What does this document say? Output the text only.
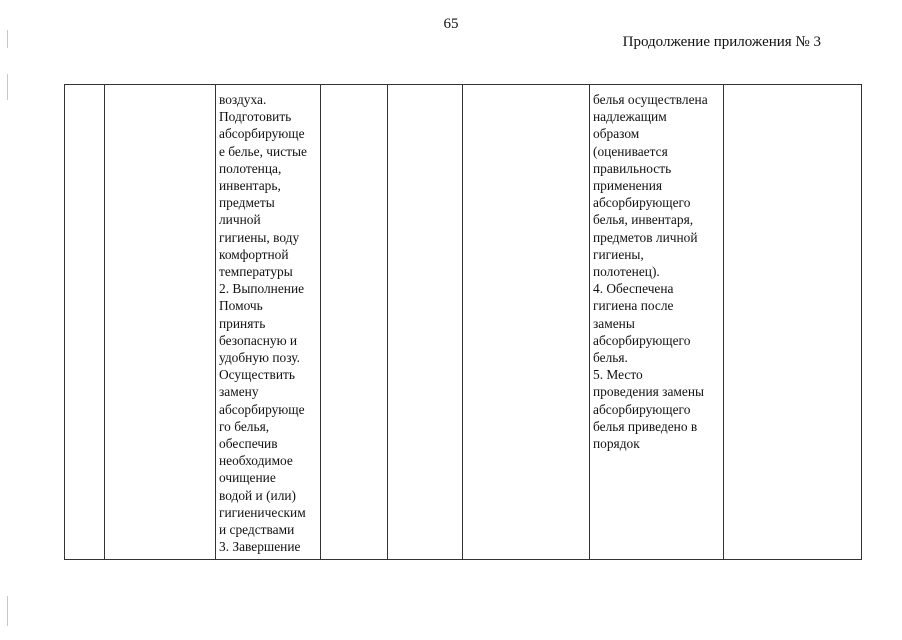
65
Продолжение приложения № 3
воздуха.
Подготовить
абсорбирующе
е белье, чистые
полотенца,
инвентарь,
предметы
личной
гигиены, воду
комфортной
температуры
2. Выполнение
Помочь
принять
безопасную и
удобную позу.
Осуществить
замену
абсорбирующе
го белья,
обеспечив
необходимое
очищение
водой и (или)
гигиеническим
и средствами
3. Завершение
белья осуществлена
надлежащим
образом
(оценивается
правильность
применения
абсорбирующего
белья, инвентаря,
предметов личной
гигиены,
полотенец).
4. Обеспечена
гигиена после
замены
абсорбирующего
белья.
5. Место
проведения замены
абсорбирующего
белья приведено в
порядок
